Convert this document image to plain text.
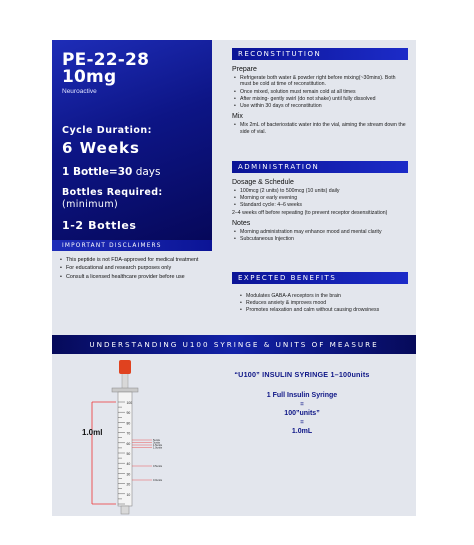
PE-22-28 10mg
Neuroactive
Cycle Duration:
6 Weeks
1 Bottle=30 days
Bottles Required:
(minimum)
1-2 Bottles
IMPORTANT DISCLAIMERS
• This peptide is not FDA-approved for medical treatment
• For educational and research purposes only
• Consult a licensed healthcare provider before use
RECONSTITUTION
Prepare
• Refrigerate both water & powder right before mixing(~30mins). Both must be cold at time of reconstitution.
• Once mixed, solution must remain cold at all times
• After mixing- gently swirl (do not shake) until fully dissolved
• Use within 30 days of reconstitution
Mix
• Mix 2mL of bacteriostatic water into the vial, aiming the stream down the side of vial.
ADMINISTRATION
Dosage & Schedule
• 100mcg (2 units) to 500mcg (10 units) daily
• Morning or early evening
• Standard cycle: 4–6 weeks
2–4 weeks off before repeating (to prevent receptor desensitization)
Notes
• Morning administration may enhance mood and mental clarity
• Subcutaneous Injection
EXPECTED BENEFITS
• Modulates GABA-A receptors in the brain
• Reduces anxiety & improves mood
• Promotes relaxation and calm without causing drowsiness
UNDERSTANDING U100 SYRINGE & UNITS OF MEASURE
100
90
80
70
60
50
40
30
20
10
5units
3units
1.5units
1.0units
0.5units
0.0units
1.0ml
“U100” INSULIN SYRINGE 1–100units
1 Full Insulin Syringe
=
100”units”
=
1.0mL
